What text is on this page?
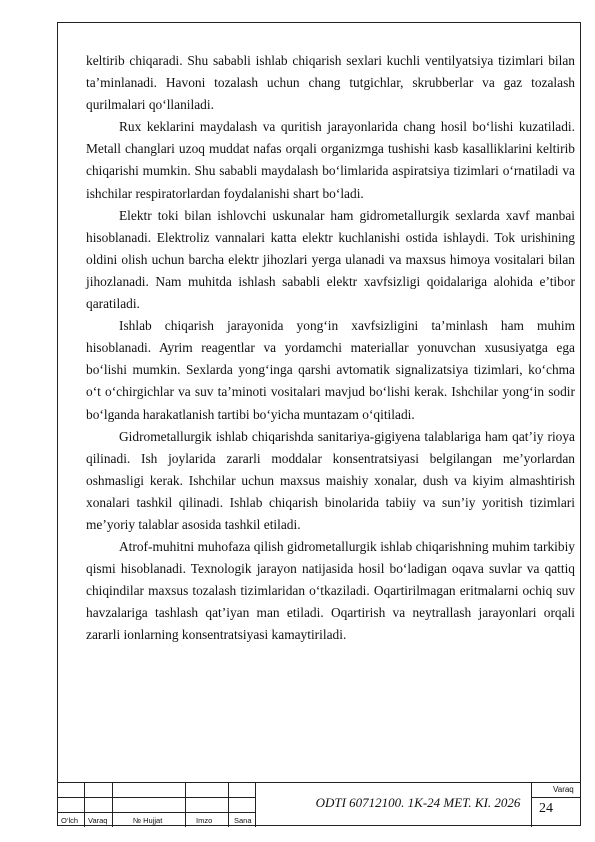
keltirib chiqaradi. Shu sababli ishlab chiqarish sexlari kuchli ventilyatsiya tizimlari bilan ta’minlanadi. Havoni tozalash uchun chang tutgichlar, skrubberlar va gaz tozalash qurilmalari qo‘llaniladi.

Rux keklarini maydalash va quritish jarayonlarida chang hosil bo‘lishi kuzatiladi. Metall changlari uzoq muddat nafas orqali organizmga tushishi kasb kasalliklarini keltirib chiqarishi mumkin. Shu sababli maydalash bo‘limlarida aspiratsiya tizimlari o‘rnatiladi va ishchilar respiratorlardan foydalanishi shart bo‘ladi.

Elektr toki bilan ishlovchi uskunalar ham gidrometallurgik sexlarda xavf manbai hisoblanadi. Elektroliz vannalari katta elektr kuchlanishi ostida ishlaydi. Tok urishining oldini olish uchun barcha elektr jihozlari yerga ulanadi va maxsus himoya vositalari bilan jihozlanadi. Nam muhitda ishlash sababli elektr xavfsizligi qoidalariga alohida e’tibor qaratiladi.

Ishlab chiqarish jarayonida yong‘in xavfsizligini ta’minlash ham muhim hisoblanadi. Ayrim reagentlar va yordamchi materiallar yonuvchan xususiyatga ega bo‘lishi mumkin. Sexlarda yong‘inga qarshi avtomatik signalizatsiya tizimlari, ko‘chma o‘t o‘chirgichlar va suv ta’minoti vositalari mavjud bo‘lishi kerak. Ishchilar yong‘in sodir bo‘lganda harakatlanish tartibi bo‘yicha muntazam o‘qitiladi.

Gidrometallurgik ishlab chiqarishda sanitariya-gigiyena talablariga ham qat’iy rioya qilinadi. Ish joylarida zararli moddalar konsentratsiyasi belgilangan me’yorlardan oshmasligi kerak. Ishchilar uchun maxsus maishiy xonalar, dush va kiyim almashtirish xonalari tashkil qilinadi. Ishlab chiqarish binolarida tabiiy va sun’iy yoritish tizimlari me’yoriy talablar asosida tashkil etiladi.

Atrof-muhitni muhofaza qilish gidrometallurgik ishlab chiqarishning muhim tarkibiy qismi hisoblanadi. Texnologik jarayon natijasida hosil bo‘ladigan oqava suvlar va qattiq chiqindilar maxsus tozalash tizimlaridan o‘tkaziladi. Oqartirilmagan eritmalarni ochiq suv havzalariga tashlash qat’iyan man etiladi. Oqartirish va neytrallash jarayonlari orqali zararli ionlarning konsentratsiyasi kamaytiriladi.

O‘lch Varaq	№ Hujjat	Imzo	Sana
ODTI 60712100. 1K-24 MET. KI. 2026
Varaq
24
